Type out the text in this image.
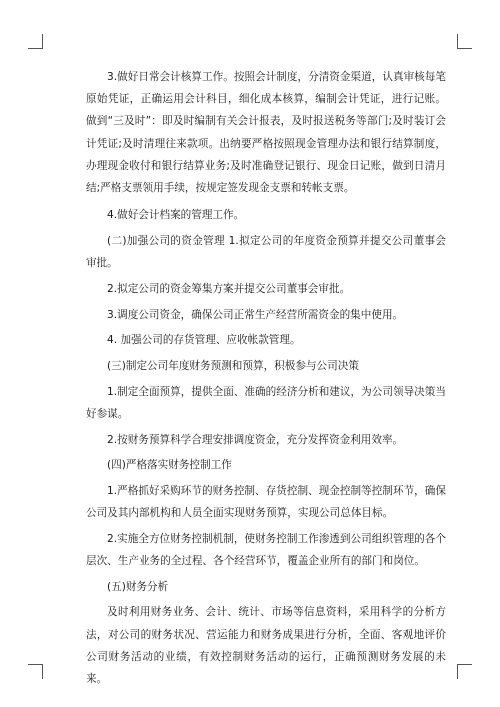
3.做好日常会计核算工作。按照会计制度，分清资金渠道，认真审核每笔原始凭证，正确运用会计科目，细化成本核算，编制会计凭证，进行记账。做到“三及时”：即及时编制有关会计报表，及时报送税务等部门;及时装订会计凭证;及时清理往来款项。出纳要严格按照现金管理办法和银行结算制度，办理现金收付和银行结算业务;及时准确登记银行、现金日记账，做到日清月结;严格支票领用手续，按规定签发现金支票和转帐支票。

4.做好会计档案的管理工作。

(二)加强公司的资金管理 1.拟定公司的年度资金预算并提交公司董事会审批。

2.拟定公司的资金筹集方案并提交公司董事会审批。

3.调度公司资金，确保公司正常生产经营所需资金的集中使用。

4. 加强公司的存货管理、应收帐款管理。

(三)制定公司年度财务预测和预算，积极参与公司决策

1.制定全面预算，提供全面、准确的经济分析和建议，为公司领导决策当好参谋。

2.按财务预算科学合理安排调度资金，充分发挥资金利用效率。

(四)严格落实财务控制工作

1.严格抓好采购环节的财务控制、存货控制、现金控制等控制环节，确保公司及其内部机构和人员全面实现财务预算，实现公司总体目标。

2.实施全方位财务控制机制，使财务控制工作渗透到公司组织管理的各个层次、生产业务的全过程、各个经营环节，覆盖企业所有的部门和岗位。

(五)财务分析

及时利用财务业务、会计、统计、市场等信息资料，采用科学的分析方法，对公司的财务状况、营运能力和财务成果进行分析，全面、客观地评价公司财务活动的业绩，有效控制财务活动的运行，正确预测财务发展的未来。
